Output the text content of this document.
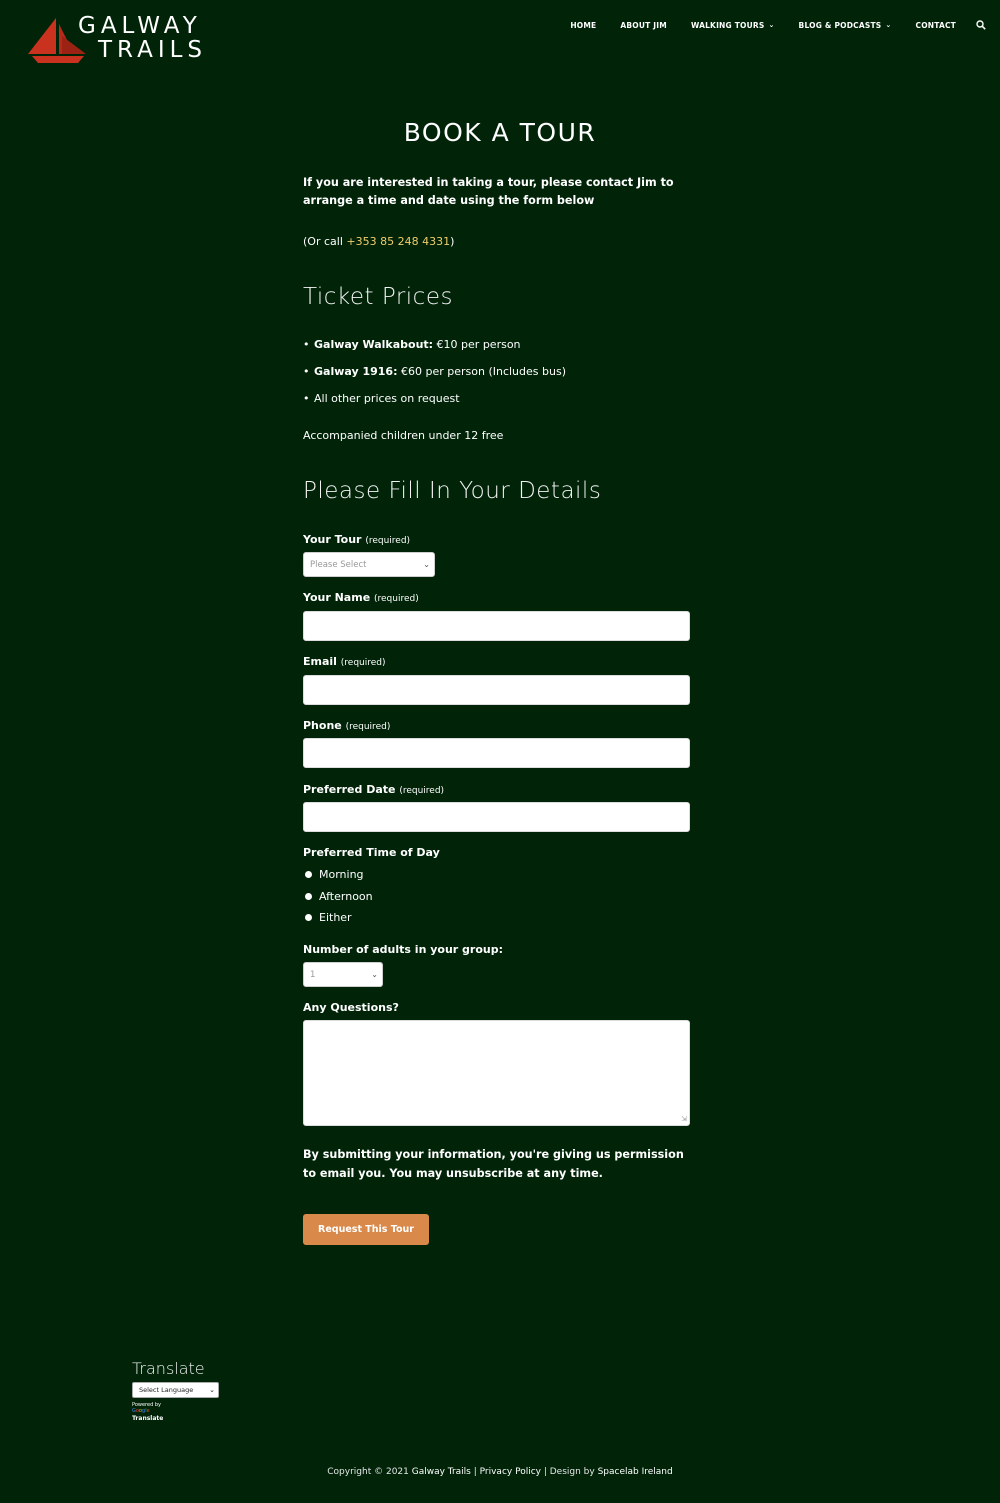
GALWAY
TRAILS
HOME	ABOUT JIM	WALKING TOURS ⌄	BLOG & PODCASTS ⌄	CONTACT
BOOK A TOUR

If you are interested in taking a tour, please contact Jim to arrange a time and date using the form below

(Or call +353 85 248 4331)

Ticket Prices
• Galway Walkabout: €10 per person
• Galway 1916: €60 per person (Includes bus)
• All other prices on request

Accompanied children under 12 free

Please Fill In Your Details
Your Tour (required)
Please Select	⌄
Your Name (required)
Email (required)
Phone (required)
Preferred Date (required)
Preferred Time of Day
Morning
Afternoon
Either
Number of adults in your group:
1	⌄
Any Questions?
⇲

By submitting your information, you're giving us permission to email you. You may unsubscribe at any time.

Request This Tour
Translate
Select Language ⌄
Powered by
Google
Translate
Copyright © 2021 Galway Trails | Privacy Policy | Design by Spacelab Ireland
